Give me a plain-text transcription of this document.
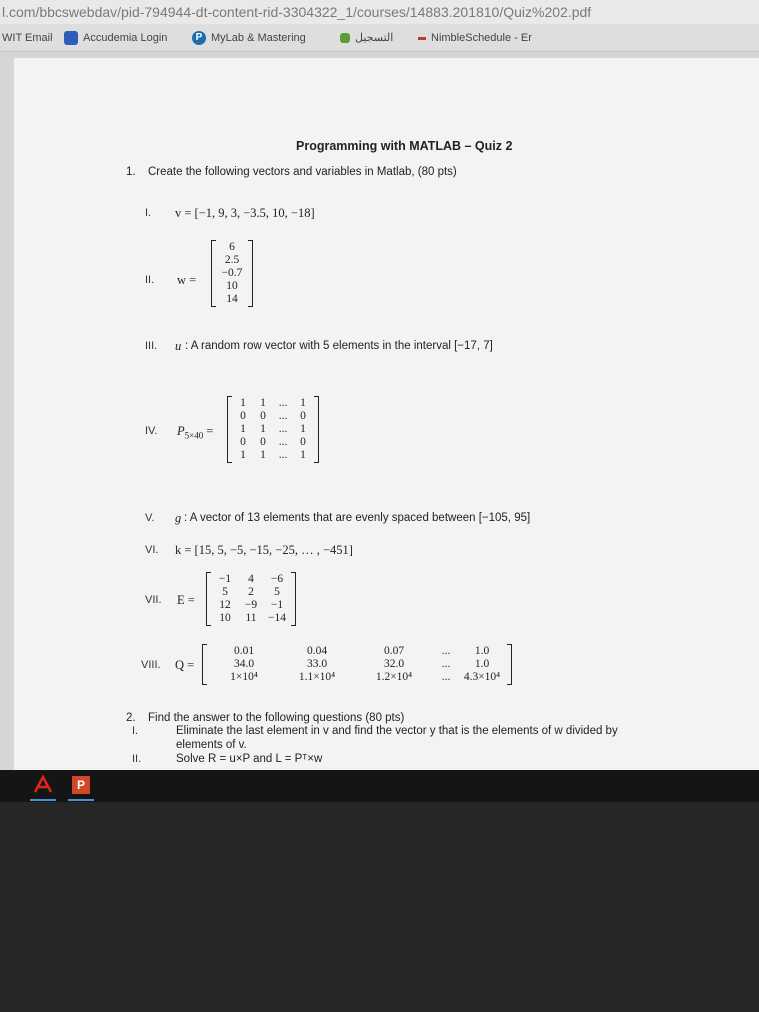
l.com/bbcswebdav/pid-794944-dt-content-rid-3304322_1/courses/14883.201810/Quiz%202.pdf
WIT Email	Accudemia Login	P MyLab & Mastering	التسجيل	NimbleSchedule - Er
Programming with MATLAB – Quiz 2
1. Create the following vectors and variables in Matlab, (80 pts)
I. v = [−1, 9, 3, −3.5, 10, −18]
II. w =
6
2.5
−0.7
10
14
III. u : A random row vector with 5 elements in the interval [−17, 7]
IV. $P_{5\times 40}$ =
1	1	...	1
0	0	...	0
1	1	...	1
0	0	...	0
1	1	...	1
V. g : A vector of 13 elements that are evenly spaced between [−105, 95]
VI. k = [15, 5, −5, −15, −25, … , −451]
VII. E =
−1	4	−6
5	2	5
12	−9	−1
10	11 −14
VIII. Q =
0.01	0.04	0.07	...	1.0
34.0	33.0	32.0	...	1.0
1×10⁴	1.1×10⁴	1.2×10⁴	...	4.3×10⁴
2. Find the answer to the following questions (80 pts)
I.	Eliminate the last element in v and find the vector y that is the elements of w divided by
elements of v.
II.	Solve R = u×P and L = Pᵀ×w
P
